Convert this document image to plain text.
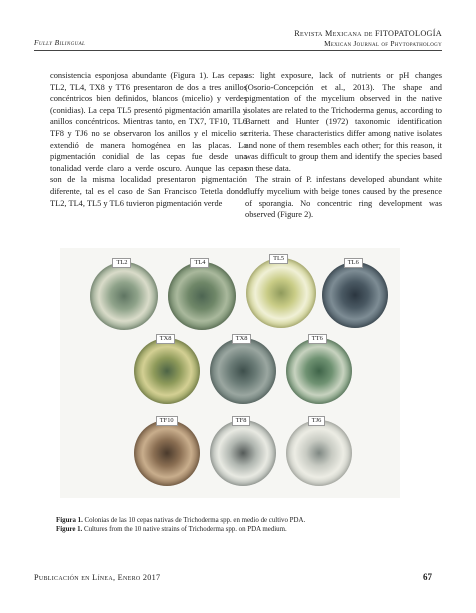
Fully Bilingual
Revista Mexicana de FITOPATOLOGÍA
Mexican Journal of Phytopathology

consistencia esponjosa abundante (Figura 1). Las cepas TL2, TL4, TX8 y TT6 presentaron de dos a tres anillos concéntricos bien definidos, blancos (micelio) y verdes (conidias). La cepa TL5 presentó pigmentación amarilla y anillos concéntricos. Mientras tanto, en TX7, TF10, TL6 TF8 y TJ6 no se observaron los anillos y el micelio se extendió de manera homogénea en las placas. La pigmentación conidial de las cepas fue desde una tonalidad verde claro a verde oscuro. Aunque las cepas son de la misma localidad presentaron pigmentación diferente, tal es el caso de San Francisco Tetetla donde TL2, TL4, TL5 y TL6 tuvieron pigmentación verde

as: light exposure, lack of nutrients or pH changes (Osorio-Concepción et al., 2013). The shape and pigmentation of the mycelium observed in the native isolates are related to the Trichoderma genus, according to Barnett and Hunter (1972) taxonomic identification criteria. These characteristics differ among native isolates and none of them resembles each other; for this reason, it was difficult to group them and identify the species based on these data.

The strain of P. infestans developed abundant white fluffy mycelium with beige tones caused by the presence of sporangia. No concentric ring development was observed (Figure 2).

TL2	TL4
TL5
TL6
TX8	TX8	TT6
TF10	TF8	TJ6
Figura 1. Colonias de las 10 cepas nativas de Trichoderma spp. en medio de cultivo PDA.
Figure 1. Cultures from the 10 native strains of Trichoderma spp. on PDA medium.
Publicación en Línea, Enero 2017	67
